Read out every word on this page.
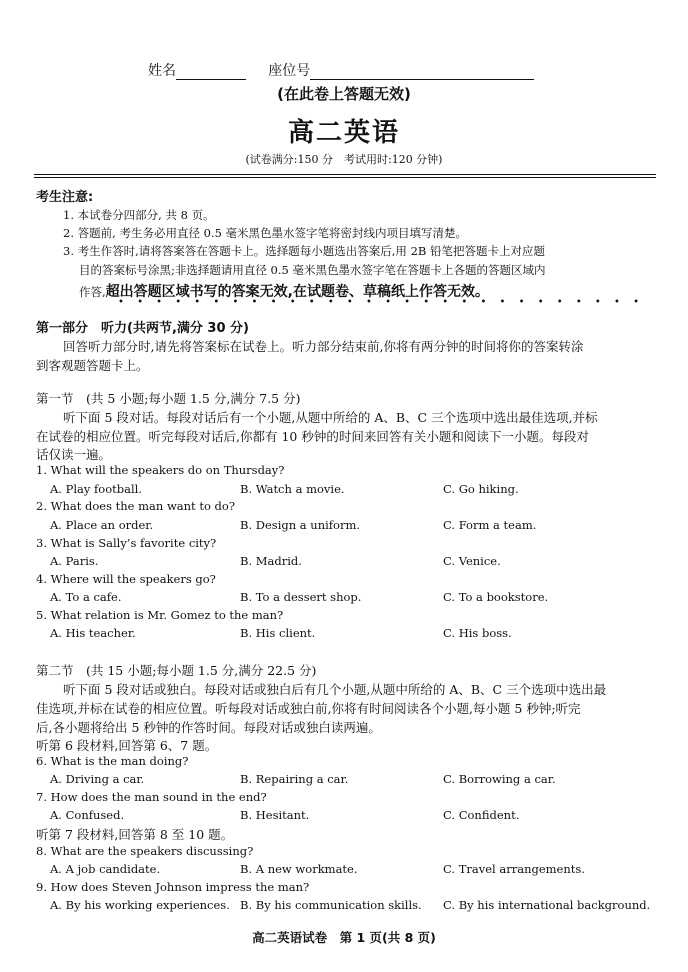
姓名	座位号
(在此卷上答题无效)
高二英语
(试卷满分:150 分　考试用时:120 分钟)
考生注意:
1. 本试卷分四部分, 共 8 页。
2. 答题前, 考生务必用直径 0.5 毫米黑色墨水签字笔将密封线内项目填写清楚。
3. 考生作答时,请将答案答在答题卡上。选择题每小题选出答案后,用 2B 铅笔把答题卡上对应题
目的答案标号涂黑;非选择题请用直径 0.5 毫米黑色墨水签字笔在答题卡上各题的答题区域内
作答,超出答题区域书写的答案无效,在试题卷、草稿纸上作答无效。
• • • • • • • • • • • • • • • • • • • • • • • • • • • •
第一部分　听力(共两节,满分 30 分)
回答听力部分时,请先将答案标在试卷上。听力部分结束前,你将有两分钟的时间将你的答案转涂
到客观题答题卡上。
第一节　(共 5 小题;每小题 1.5 分,满分 7.5 分)
听下面 5 段对话。每段对话后有一个小题,从题中所给的 A、B、C 三个选项中选出最佳选项,并标
在试卷的相应位置。听完每段对话后,你都有 10 秒钟的时间来回答有关小题和阅读下一小题。每段对
话仅读一遍。
1. What will the speakers do on Thursday?
A. Play football.	B. Watch a movie.	C. Go hiking.
2. What does the man want to do?
A. Place an order.	B. Design a uniform.	C. Form a team.
3. What is Sally’s favorite city?
A. Paris.	B. Madrid.	C. Venice.
4. Where will the speakers go?
A. To a cafe.	B. To a dessert shop.	C. To a bookstore.
5. What relation is Mr. Gomez to the man?
A. His teacher.	B. His client.	C. His boss.
第二节　(共 15 小题;每小题 1.5 分,满分 22.5 分)
听下面 5 段对话或独白。每段对话或独白后有几个小题,从题中所给的 A、B、C 三个选项中选出最
佳选项,并标在试卷的相应位置。听每段对话或独白前,你将有时间阅读各个小题,每小题 5 秒钟;听完
后,各小题将给出 5 秒钟的作答时间。每段对话或独白读两遍。
听第 6 段材料,回答第 6、7 题。
6. What is the man doing?
A. Driving a car.	B. Repairing a car.	C. Borrowing a car.
7. How does the man sound in the end?
A. Confused.	B. Hesitant.	C. Confident.
听第 7 段材料,回答第 8 至 10 题。
8. What are the speakers discussing?
A. A job candidate.	B. A new workmate.	C. Travel arrangements.
9. How does Steven Johnson impress the man?
A. By his working experiences. B. By his communication skills. C. By his international background.
高二英语试卷　第 1 页(共 8 页)
